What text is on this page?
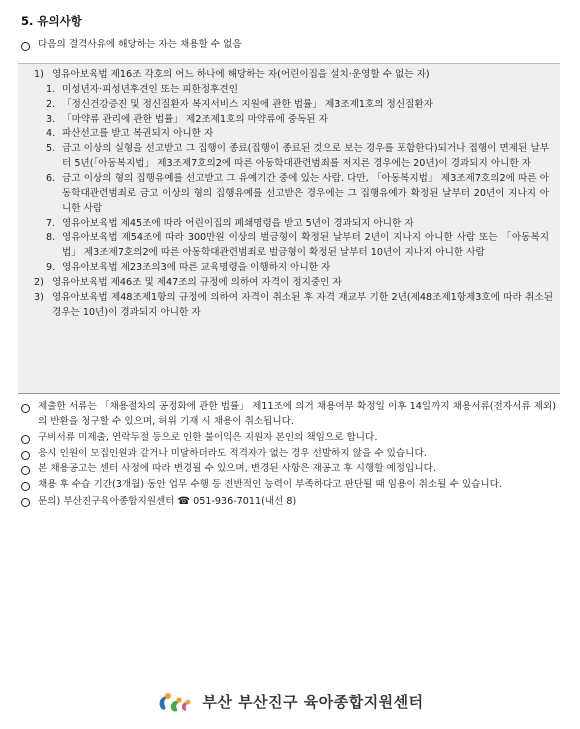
5. 유의사항
다음의 결격사유에 해당하는 자는 채용할 수 없음
1) 영유아보육법 제16조 각호의 어느 하나에 해당하는 자(어린이집을 설치·운영할 수 없는 자)
1. 미성년자·피성년후견인 또는 피한정후견인
2. 「정신건강증진 및 정신질환자 복지서비스 지원에 관한 법률」 제3조제1호의 정신질환자
3. 「마약류 관리에 관한 법률」 제2조제1호의 마약류에 중독된 자
4. 파산선고를 받고 복권되지 아니한 자
5. 금고 이상의 실형을 선고받고 그 집행이 종료(집행이 종료된 것으로 보는 경우를 포함한다)되거나 집행이 면제된 날부터 5년(「아동복지법」 제3조제7호의2에 따른 아동학대관련범죄를 저지른 경우에는 20년)이 경과되지 아니한 자
6. 금고 이상의 형의 집행유예를 선고받고 그 유예기간 중에 있는 사람. 다만, 「아동복지법」 제3조제7호의2에 따른 아동학대관련범죄로 금고 이상의 형의 집행유예를 선고받은 경우에는 그 집행유예가 확정된 날부터 20년이 지나지 아니한 사람
7. 영유아보육법 제45조에 따라 어린이집의 폐쇄명령을 받고 5년이 경과되지 아니한 자
8. 영유아보육법 제54조에 따라 300만원 이상의 벌금형이 확정된 날부터 2년이 지나지 아니한 사람 또는 「아동복지법」 제3조제7호의2에 따른 아동학대관련범죄로 벌금형이 확정된 날부터 10년이 지나지 아니한 사람
9. 영유아보육법 제23조의3에 따른 교육명령을 이행하지 아니한 자
2) 영유아보육법 제46조 및 제47조의 규정에 의하여 자격이 정지중인 자
3) 영유아보육법 제48조제1항의 규정에 의하여 자격이 취소된 후 자격 재교부 기한 2년(제48조제1항제3호에 따라 취소된 경우는 10년)이 경과되지 아니한 자
제출한 서류는 「채용절차의 공정화에 관한 법률」 제11조에 의거 채용여부 확정일 이후 14일까지 채용서류(전자서류 제외)의 반환을 청구할 수 있으며, 허위 기재 시 채용이 취소됩니다.
구비서류 미제출, 연락두절 등으로 인한 불이익은 지원자 본인의 책임으로 합니다.
응시 인원이 모집인원과 같거나 미달하더라도 적격자가 없는 경우 선발하지 않을 수 있습니다.
본 채용공고는 센터 사정에 따라 변경될 수 있으며, 변경된 사항은 재공고 후 시행할 예정입니다.
채용 후 수습 기간(3개월) 동안 업무 수행 등 전반적인 능력이 부족하다고 판단될 때 임용이 취소될 수 있습니다.
문의) 부산진구육아종합지원센터 ☎ 051-936-7011(내선 8)
부산 부산진구 육아종합지원센터
